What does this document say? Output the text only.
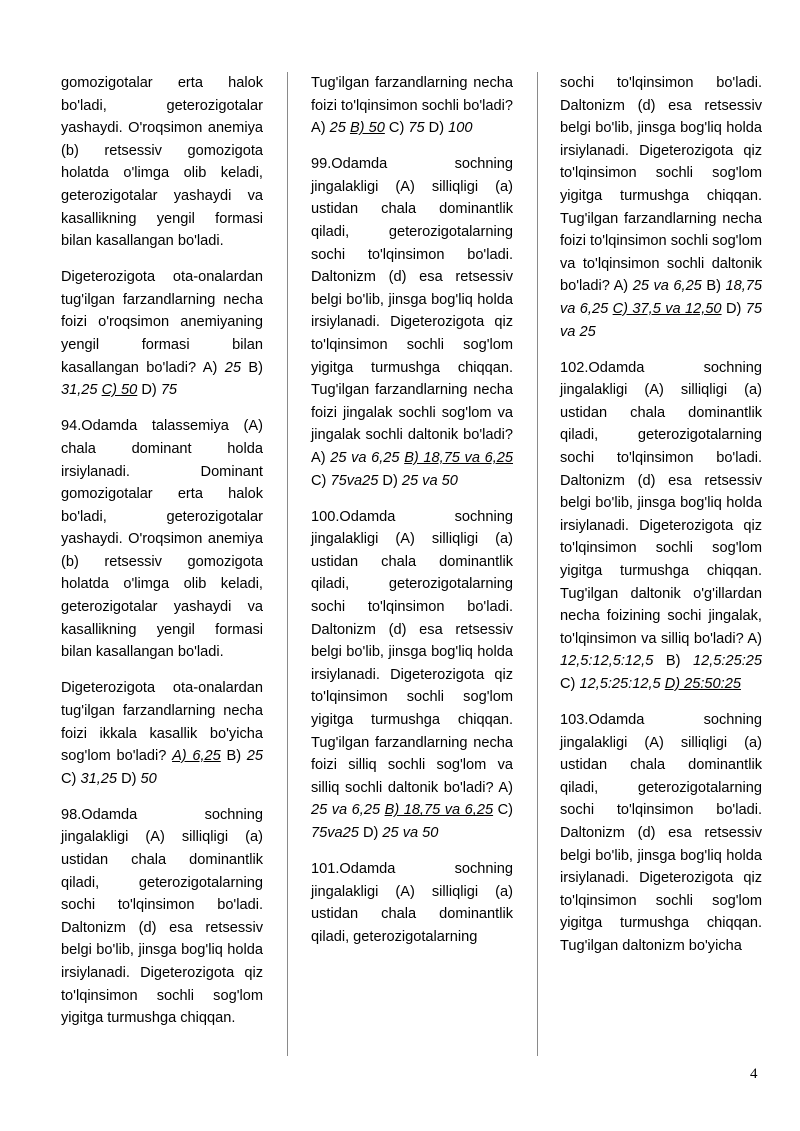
gomozigotalar erta halok bo'ladi, geterozigotalar yashaydi. O'roqsimon anemiya (b) retsessiv gomozigota holatda o'limga olib keladi, geterozigotalar yashaydi va kasallikning yengil formasi bilan kasallangan bo'ladi.

Digeterozigota ota-onalardan tug'ilgan farzandlarning necha foizi o'roqsimon anemiyaning yengil formasi bilan kasallangan bo'ladi? A) 25 B) 31,25 C) 50 D) 75

94.Odamda talassemiya (A) chala dominant holda irsiylanadi. Dominant gomozigotalar erta halok bo'ladi, geterozigotalar yashaydi. O'roqsimon anemiya (b) retsessiv gomozigota holatda o'limga olib keladi, geterozigotalar yashaydi va kasallikning yengil formasi bilan kasallangan bo'ladi.

Digeterozigota ota-onalardan tug'ilgan farzandlarning necha foizi ikkala kasallik bo'yicha sog'lom bo'ladi? A) 6,25 B) 25 C) 31,25 D) 50

98.Odamda sochning jingalakligi (A) silliqligi (a) ustidan chala dominantlik qiladi, geterozigotalarning sochi to'lqinsimon bo'ladi. Daltonizm (d) esa retsessiv belgi bo'lib, jinsga bog'liq holda irsiylanadi. Digeterozigota qiz to'lqinsimon sochli sog'lom yigitga turmushga chiqqan.

Tug'ilgan farzandlarning necha foizi to'lqinsimon sochli bo'ladi? A) 25 B) 50 C) 75 D) 100

99.Odamda sochning jingalakligi (A) silliqligi (a) ustidan chala dominantlik qiladi, geterozigotalarning sochi to'lqinsimon bo'ladi. Daltonizm (d) esa retsessiv belgi bo'lib, jinsga bog'liq holda irsiylanadi. Digeterozigota qiz to'lqinsimon sochli sog'lom yigitga turmushga chiqqan. Tug'ilgan farzandlarning necha foizi jingalak sochli sog'lom va jingalak sochli daltonik bo'ladi? A) 25 va 6,25 B) 18,75 va 6,25 C) 75va25 D) 25 va 50

100.Odamda sochning jingalakligi (A) silliqligi (a) ustidan chala dominantlik qiladi, geterozigotalarning sochi to'lqinsimon bo'ladi. Daltonizm (d) esa retsessiv belgi bo'lib, jinsga bog'liq holda irsiylanadi. Digeterozigota qiz to'lqinsimon sochli sog'lom yigitga turmushga chiqqan. Tug'ilgan farzandlarning necha foizi silliq sochli sog'lom va silliq sochli daltonik bo'ladi? A) 25 va 6,25 B) 18,75 va 6,25 C) 75va25 D) 25 va 50

101.Odamda sochning jingalakligi (A) silliqligi (a) ustidan chala dominantlik qiladi, geterozigotalarning

sochi to'lqinsimon bo'ladi. Daltonizm (d) esa retsessiv belgi bo'lib, jinsga bog'liq holda irsiylanadi. Digeterozigota qiz to'lqinsimon sochli sog'lom yigitga turmushga chiqqan. Tug'ilgan farzandlarning necha foizi to'lqinsimon sochli sog'lom va to'lqinsimon sochli daltonik bo'ladi? A) 25 va 6,25 B) 18,75 va 6,25 C) 37,5 va 12,50 D) 75 va 25

102.Odamda sochning jingalakligi (A) silliqligi (a) ustidan chala dominantlik qiladi, geterozigotalarning sochi to'lqinsimon bo'ladi. Daltonizm (d) esa retsessiv belgi bo'lib, jinsga bog'liq holda irsiylanadi. Digeterozigota qiz to'lqinsimon sochli sog'lom yigitga turmushga chiqqan. Tug'ilgan daltonik o'g'illardan necha foizining sochi jingalak, to'lqinsimon va silliq bo'ladi? A) 12,5:12,5:12,5 B) 12,5:25:25 C) 12,5:25:12,5 D) 25:50:25

103.Odamda sochning jingalakligi (A) silliqligi (a) ustidan chala dominantlik qiladi, geterozigotalarning sochi to'lqinsimon bo'ladi. Daltonizm (d) esa retsessiv belgi bo'lib, jinsga bog'liq holda irsiylanadi. Digeterozigota qiz to'lqinsimon sochli sog'lom yigitga turmushga chiqqan. Tug'ilgan daltonizm bo'yicha

4
